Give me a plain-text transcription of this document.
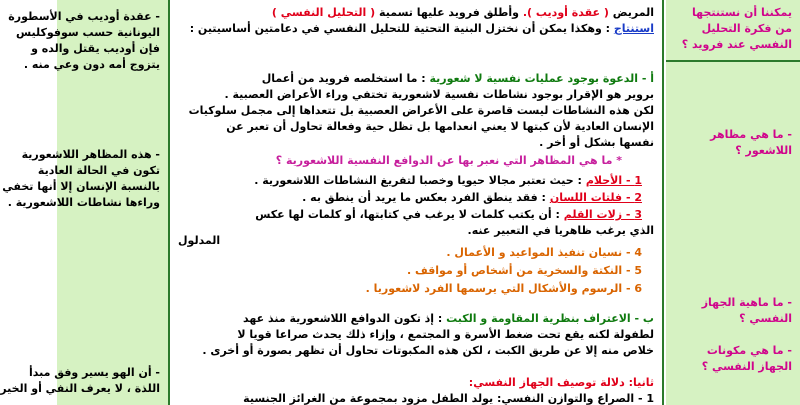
- عقدة أوديب في الأسطورة
اليونانية حسب سوفوكليس
فإن أوديب يقتل والده و
يتزوج أمه دون وعي منه .
- هذه المظاهر اللاشعورية
تكون في الحالة العادية
بالنسبة الإنسان إلا أنها تخفي
وراءها نشاطات اللاشعورية .
- أن الهو يسير وفق مبدأ
اللذة ، لا يعرف النفي أو الخير
المريض ( عقدة أوديب ). وأطلق فرويد عليها تسمية ( التحليل النفسي )
استنتاج : وهكذا يمكن أن نختزل البنية التحتية للتحليل النفسي في دعامتين أساسيتين :
أ - الدعوة بوجود عمليات نفسية لا شعورية : ما استخلصه فرويد من أعمال
بروير هو الإقرار بوجود نشاطات نفسية لاشعورية تختفي وراء الأعراض العصبية .
لكن هذه النشاطات ليست قاصرة على الأعراض العصبية بل تتعداها إلى مجمل سلوكيات
الإنسان العادية لأن كبتها لا يعني انعدامها بل تظل حية وفعالة تحاول أن تعبر عن
نفسها بشكل أو أخر .
* ما هي المظاهر التي نعبر بها عن الدوافع النفسية اللاشعورية ؟
1 - الأحلام : حيث تعتبر مجالا حيويا وخصبا لتفريغ النشاطات اللاشعورية .
2 - فلتات اللسان : فقد ينطق الفرد بعكس ما يريد أن ينطق به .
3 - زلات القلم : أن يكتب كلمات لا يرغب في كتابتها، أو كلمات لها عكس
الذي يرغب ظاهريا في التعبير عنه.
المدلول
4 - نسيان تنفيذ المواعيد و الأعمال .
5 - النكتة والسخرية من أشخاص أو مواقف .
6 - الرسوم والأشكال التي يرسمها الفرد لاشعوريا .
ب - الاعتراف بنظرية المقاومة و الكبت : إذ تكون الدوافع اللاشعورية منذ عهد
لطفولة لكنه يقع تحت ضغط الأسرة و المجتمع ، وإزاء ذلك يحدث صراعا قويا لا
خلاص منه إلا عن طريق الكبت ، لكن هذه المكبوتات تحاول أن تظهر بصورة أو أخرى .
ثانيا: دلالة توصيف الجهاز النفسي:
1 - الصراع والتوازن النفسي: يولد الطفل مزود بمجموعة من الغرائز الجنسية
يمكننا أن نستنتجها
من فكرة التحليل
النفسي عند فرويد ؟
- ما هي مظاهر
اللاشعور ؟
- ما ماهية الجهاز
النفسي ؟
- ما هي مكونات
الجهاز النفسي ؟
